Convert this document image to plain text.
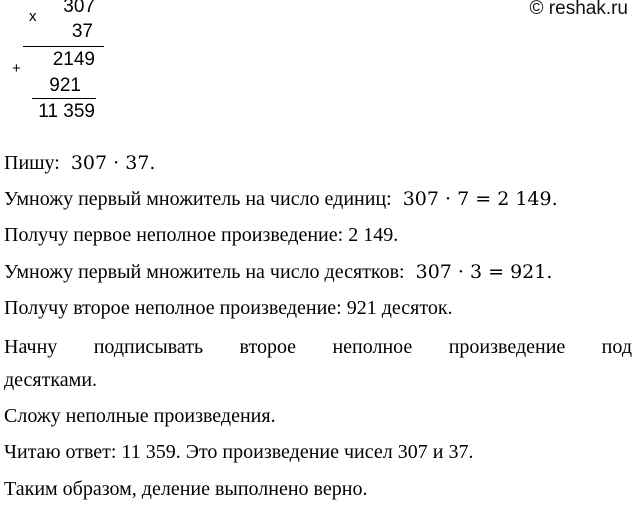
© reshak.ru
x 307
37
+ 2149
921
11 359
Пишу: 307 · 37.
Умножу первый множитель на число единиц: 307 · 7 = 2 149.
Получу первое неполное произведение: 2 149.
Умножу первый множитель на число десятков: 307 · 3 = 921.
Получу второе неполное произведение: 921 десяток.
Начну подписывать второе неполное произведение под
десятками.
Сложу неполные произведения.
Читаю ответ: 11 359. Это произведение чисел 307 и 37.
Таким образом, деление выполнено верно.
